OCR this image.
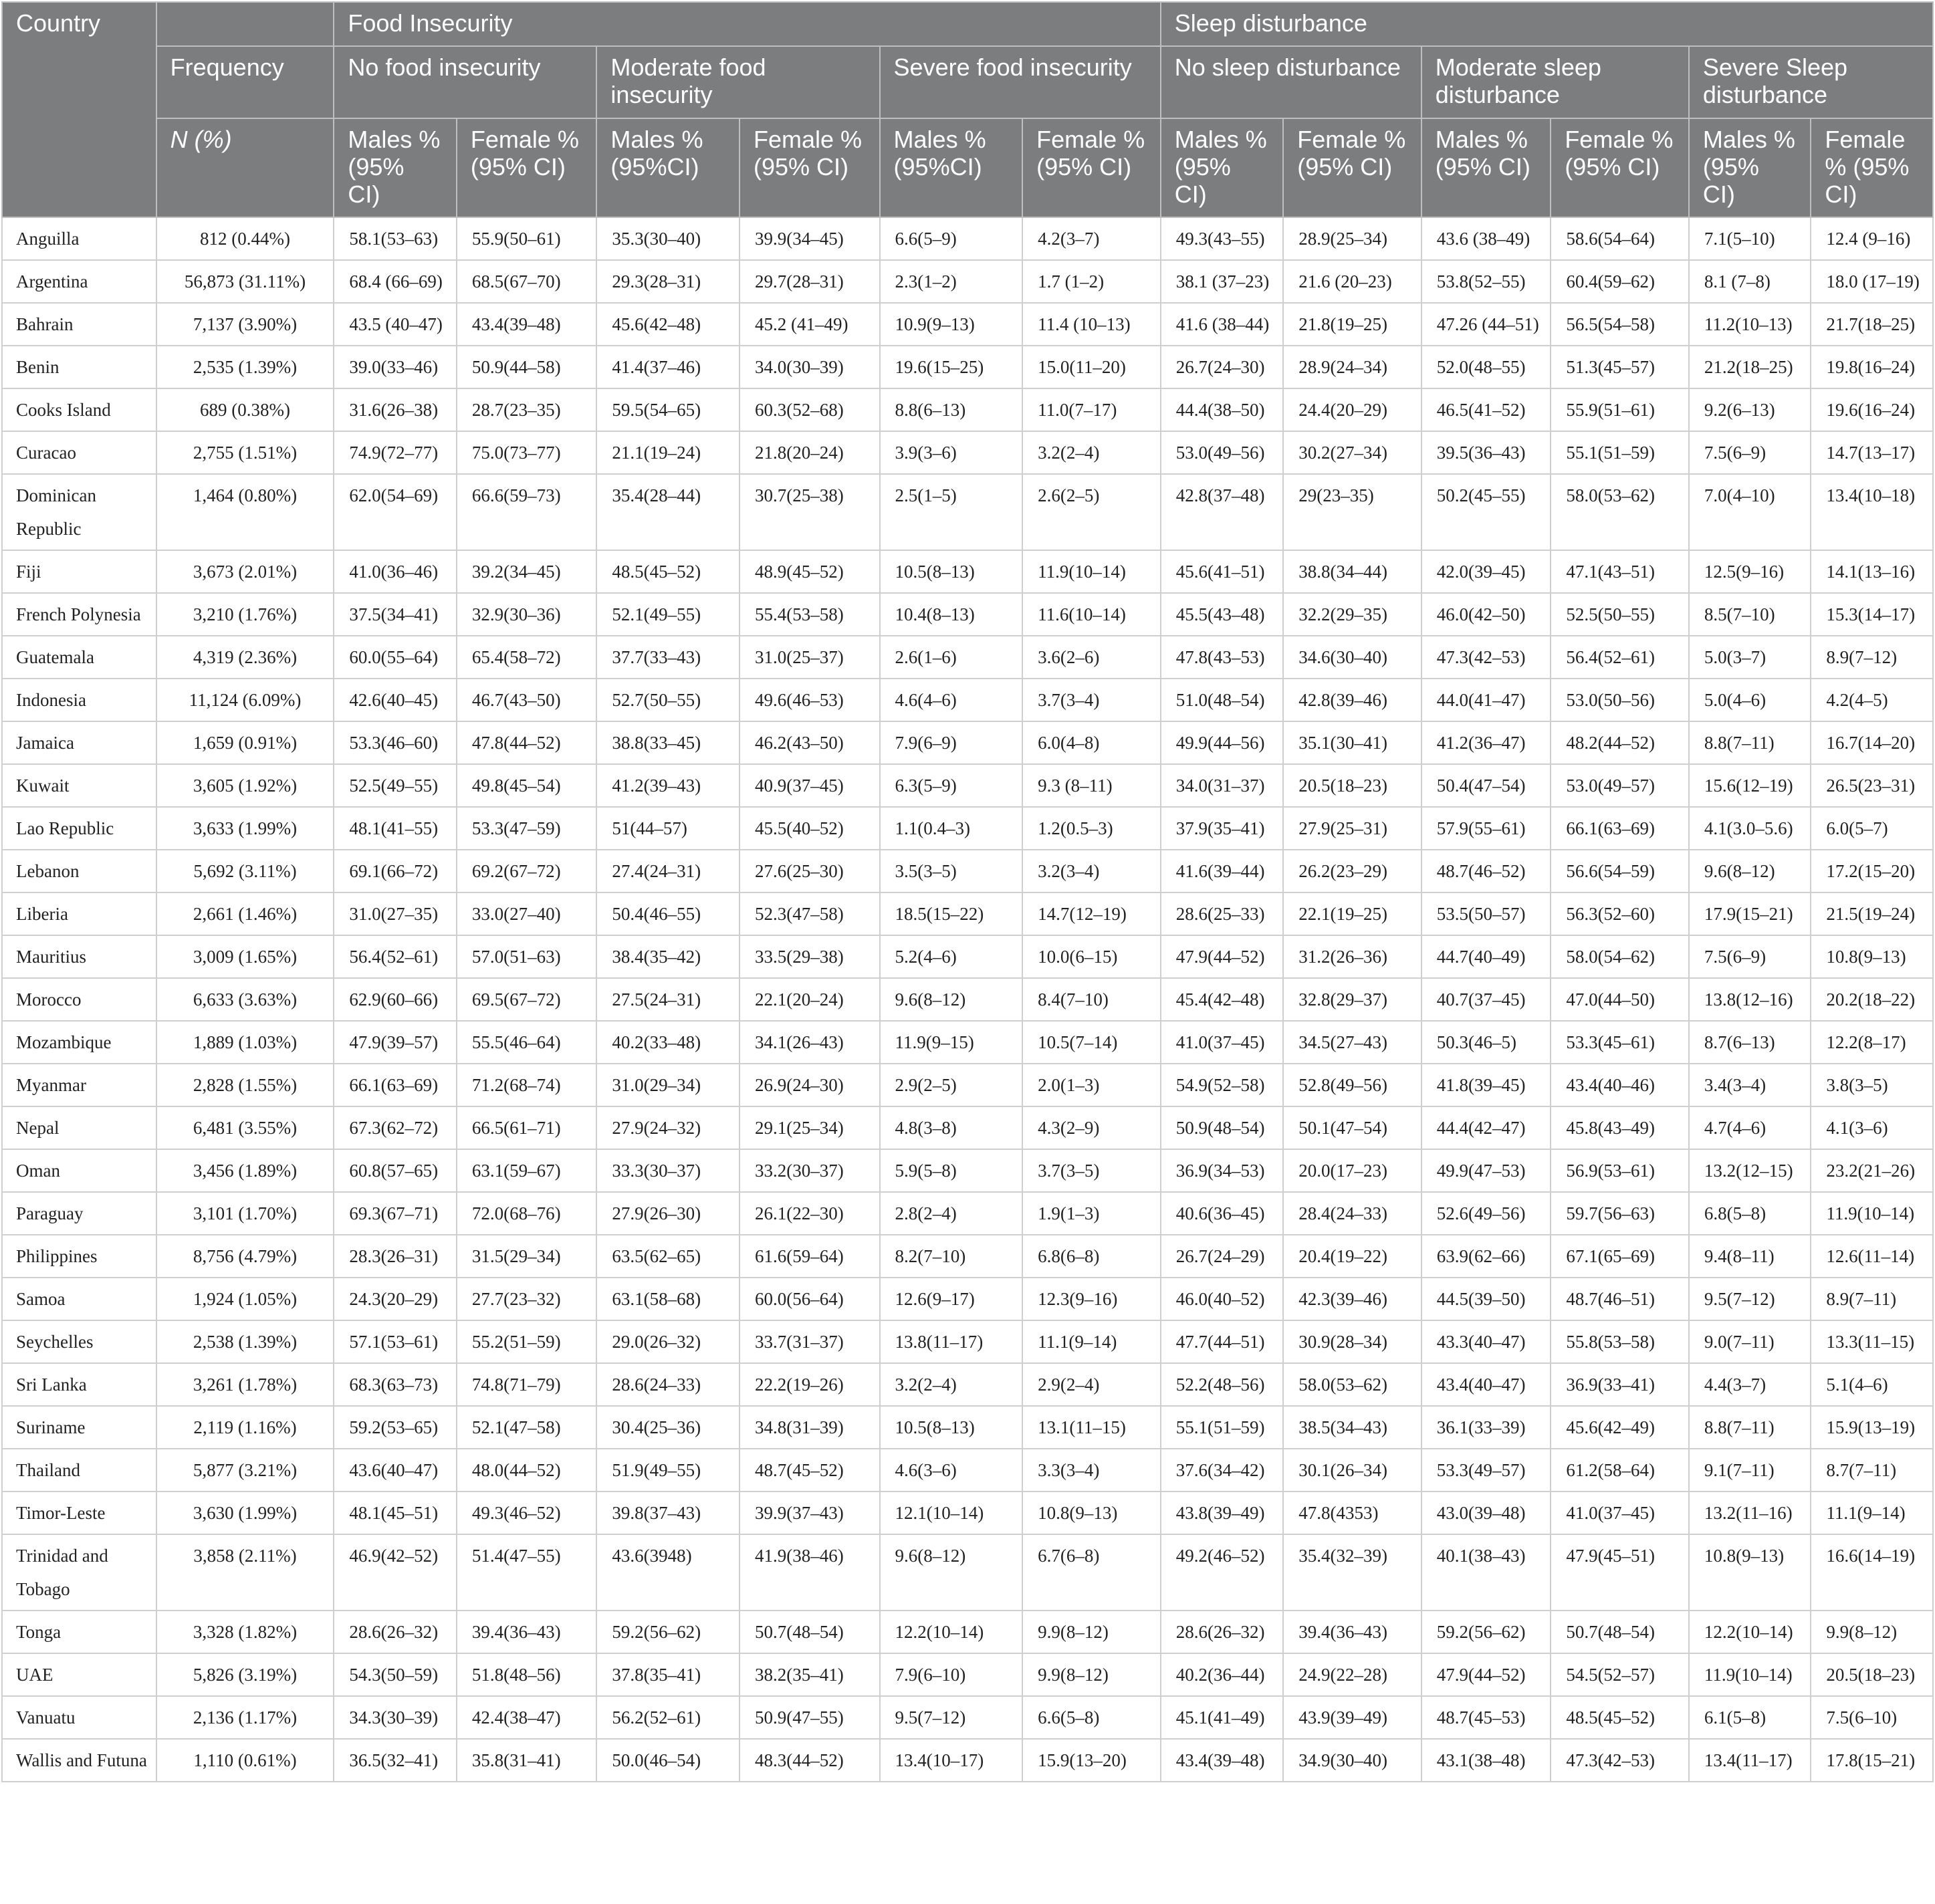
Country		Food Insecurity						Sleep disturbance					
	Frequency	No food insecurity		Moderate food insecurity		Severe food insecurity		No sleep disturbance		Moderate sleep disturbance		Severe Sleep disturbance	
	N (%)	Males % (95% CI)	Female % (95% CI)	Males % (95%CI)	Female % (95% CI)	Males % (95%CI)	Female % (95% CI)	Males % (95% CI)	Female % (95% CI)	Males % (95% CI)	Female % (95% CI)	Males % (95% CI)	Female % (95% CI)
Anguilla	812 (0.44%)	58.1(53–63)	55.9(50–61)	35.3(30–40)	39.9(34–45)	6.6(5–9)	4.2(3–7)	49.3(43–55)	28.9(25–34)	43.6 (38–49)	58.6(54–64)	7.1(5–10)	12.4 (9–16)
Argentina	56,873 (31.11%)	68.4 (66–69)	68.5(67–70)	29.3(28–31)	29.7(28–31)	2.3(1–2)	1.7 (1–2)	38.1 (37–23)	21.6 (20–23)	53.8(52–55)	60.4(59–62)	8.1 (7–8)	18.0 (17–19)
Bahrain	7,137 (3.90%)	43.5 (40–47)	43.4(39–48)	45.6(42–48)	45.2 (41–49)	10.9(9–13)	11.4 (10–13)	41.6 (38–44)	21.8(19–25)	47.26 (44–51)	56.5(54–58)	11.2(10–13)	21.7(18–25)
Benin	2,535 (1.39%)	39.0(33–46)	50.9(44–58)	41.4(37–46)	34.0(30–39)	19.6(15–25)	15.0(11–20)	26.7(24–30)	28.9(24–34)	52.0(48–55)	51.3(45–57)	21.2(18–25)	19.8(16–24)
Cooks Island	689 (0.38%)	31.6(26–38)	28.7(23–35)	59.5(54–65)	60.3(52–68)	8.8(6–13)	11.0(7–17)	44.4(38–50)	24.4(20–29)	46.5(41–52)	55.9(51–61)	9.2(6–13)	19.6(16–24)
Curacao	2,755 (1.51%)	74.9(72–77)	75.0(73–77)	21.1(19–24)	21.8(20–24)	3.9(3–6)	3.2(2–4)	53.0(49–56)	30.2(27–34)	39.5(36–43)	55.1(51–59)	7.5(6–9)	14.7(13–17)
Dominican Republic	1,464 (0.80%)	62.0(54–69)	66.6(59–73)	35.4(28–44)	30.7(25–38)	2.5(1–5)	2.6(2–5)	42.8(37–48)	29(23–35)	50.2(45–55)	58.0(53–62)	7.0(4–10)	13.4(10–18)
Fiji	3,673 (2.01%)	41.0(36–46)	39.2(34–45)	48.5(45–52)	48.9(45–52)	10.5(8–13)	11.9(10–14)	45.6(41–51)	38.8(34–44)	42.0(39–45)	47.1(43–51)	12.5(9–16)	14.1(13–16)
French Polynesia	3,210 (1.76%)	37.5(34–41)	32.9(30–36)	52.1(49–55)	55.4(53–58)	10.4(8–13)	11.6(10–14)	45.5(43–48)	32.2(29–35)	46.0(42–50)	52.5(50–55)	8.5(7–10)	15.3(14–17)
Guatemala	4,319 (2.36%)	60.0(55–64)	65.4(58–72)	37.7(33–43)	31.0(25–37)	2.6(1–6)	3.6(2–6)	47.8(43–53)	34.6(30–40)	47.3(42–53)	56.4(52–61)	5.0(3–7)	8.9(7–12)
Indonesia	11,124 (6.09%)	42.6(40–45)	46.7(43–50)	52.7(50–55)	49.6(46–53)	4.6(4–6)	3.7(3–4)	51.0(48–54)	42.8(39–46)	44.0(41–47)	53.0(50–56)	5.0(4–6)	4.2(4–5)
Jamaica	1,659 (0.91%)	53.3(46–60)	47.8(44–52)	38.8(33–45)	46.2(43–50)	7.9(6–9)	6.0(4–8)	49.9(44–56)	35.1(30–41)	41.2(36–47)	48.2(44–52)	8.8(7–11)	16.7(14–20)
Kuwait	3,605 (1.92%)	52.5(49–55)	49.8(45–54)	41.2(39–43)	40.9(37–45)	6.3(5–9)	9.3 (8–11)	34.0(31–37)	20.5(18–23)	50.4(47–54)	53.0(49–57)	15.6(12–19)	26.5(23–31)
Lao Republic	3,633 (1.99%)	48.1(41–55)	53.3(47–59)	51(44–57)	45.5(40–52)	1.1(0.4–3)	1.2(0.5–3)	37.9(35–41)	27.9(25–31)	57.9(55–61)	66.1(63–69)	4.1(3.0–5.6)	6.0(5–7)
Lebanon	5,692 (3.11%)	69.1(66–72)	69.2(67–72)	27.4(24–31)	27.6(25–30)	3.5(3–5)	3.2(3–4)	41.6(39–44)	26.2(23–29)	48.7(46–52)	56.6(54–59)	9.6(8–12)	17.2(15–20)
Liberia	2,661 (1.46%)	31.0(27–35)	33.0(27–40)	50.4(46–55)	52.3(47–58)	18.5(15–22)	14.7(12–19)	28.6(25–33)	22.1(19–25)	53.5(50–57)	56.3(52–60)	17.9(15–21)	21.5(19–24)
Mauritius	3,009 (1.65%)	56.4(52–61)	57.0(51–63)	38.4(35–42)	33.5(29–38)	5.2(4–6)	10.0(6–15)	47.9(44–52)	31.2(26–36)	44.7(40–49)	58.0(54–62)	7.5(6–9)	10.8(9–13)
Morocco	6,633 (3.63%)	62.9(60–66)	69.5(67–72)	27.5(24–31)	22.1(20–24)	9.6(8–12)	8.4(7–10)	45.4(42–48)	32.8(29–37)	40.7(37–45)	47.0(44–50)	13.8(12–16)	20.2(18–22)
Mozambique	1,889 (1.03%)	47.9(39–57)	55.5(46–64)	40.2(33–48)	34.1(26–43)	11.9(9–15)	10.5(7–14)	41.0(37–45)	34.5(27–43)	50.3(46–5)	53.3(45–61)	8.7(6–13)	12.2(8–17)
Myanmar	2,828 (1.55%)	66.1(63–69)	71.2(68–74)	31.0(29–34)	26.9(24–30)	2.9(2–5)	2.0(1–3)	54.9(52–58)	52.8(49–56)	41.8(39–45)	43.4(40–46)	3.4(3–4)	3.8(3–5)
Nepal	6,481 (3.55%)	67.3(62–72)	66.5(61–71)	27.9(24–32)	29.1(25–34)	4.8(3–8)	4.3(2–9)	50.9(48–54)	50.1(47–54)	44.4(42–47)	45.8(43–49)	4.7(4–6)	4.1(3–6)
Oman	3,456 (1.89%)	60.8(57–65)	63.1(59–67)	33.3(30–37)	33.2(30–37)	5.9(5–8)	3.7(3–5)	36.9(34–53)	20.0(17–23)	49.9(47–53)	56.9(53–61)	13.2(12–15)	23.2(21–26)
Paraguay	3,101 (1.70%)	69.3(67–71)	72.0(68–76)	27.9(26–30)	26.1(22–30)	2.8(2–4)	1.9(1–3)	40.6(36–45)	28.4(24–33)	52.6(49–56)	59.7(56–63)	6.8(5–8)	11.9(10–14)
Philippines	8,756 (4.79%)	28.3(26–31)	31.5(29–34)	63.5(62–65)	61.6(59–64)	8.2(7–10)	6.8(6–8)	26.7(24–29)	20.4(19–22)	63.9(62–66)	67.1(65–69)	9.4(8–11)	12.6(11–14)
Samoa	1,924 (1.05%)	24.3(20–29)	27.7(23–32)	63.1(58–68)	60.0(56–64)	12.6(9–17)	12.3(9–16)	46.0(40–52)	42.3(39–46)	44.5(39–50)	48.7(46–51)	9.5(7–12)	8.9(7–11)
Seychelles	2,538 (1.39%)	57.1(53–61)	55.2(51–59)	29.0(26–32)	33.7(31–37)	13.8(11–17)	11.1(9–14)	47.7(44–51)	30.9(28–34)	43.3(40–47)	55.8(53–58)	9.0(7–11)	13.3(11–15)
Sri Lanka	3,261 (1.78%)	68.3(63–73)	74.8(71–79)	28.6(24–33)	22.2(19–26)	3.2(2–4)	2.9(2–4)	52.2(48–56)	58.0(53–62)	43.4(40–47)	36.9(33–41)	4.4(3–7)	5.1(4–6)
Suriname	2,119 (1.16%)	59.2(53–65)	52.1(47–58)	30.4(25–36)	34.8(31–39)	10.5(8–13)	13.1(11–15)	55.1(51–59)	38.5(34–43)	36.1(33–39)	45.6(42–49)	8.8(7–11)	15.9(13–19)
Thailand	5,877 (3.21%)	43.6(40–47)	48.0(44–52)	51.9(49–55)	48.7(45–52)	4.6(3–6)	3.3(3–4)	37.6(34–42)	30.1(26–34)	53.3(49–57)	61.2(58–64)	9.1(7–11)	8.7(7–11)
Timor-Leste	3,630 (1.99%)	48.1(45–51)	49.3(46–52)	39.8(37–43)	39.9(37–43)	12.1(10–14)	10.8(9–13)	43.8(39–49)	47.8(4353)	43.0(39–48)	41.0(37–45)	13.2(11–16)	11.1(9–14)
Trinidad and Tobago	3,858 (2.11%)	46.9(42–52)	51.4(47–55)	43.6(3948)	41.9(38–46)	9.6(8–12)	6.7(6–8)	49.2(46–52)	35.4(32–39)	40.1(38–43)	47.9(45–51)	10.8(9–13)	16.6(14–19)
Tonga	3,328 (1.82%)	28.6(26–32)	39.4(36–43)	59.2(56–62)	50.7(48–54)	12.2(10–14)	9.9(8–12)	28.6(26–32)	39.4(36–43)	59.2(56–62)	50.7(48–54)	12.2(10–14)	9.9(8–12)
UAE	5,826 (3.19%)	54.3(50–59)	51.8(48–56)	37.8(35–41)	38.2(35–41)	7.9(6–10)	9.9(8–12)	40.2(36–44)	24.9(22–28)	47.9(44–52)	54.5(52–57)	11.9(10–14)	20.5(18–23)
Vanuatu	2,136 (1.17%)	34.3(30–39)	42.4(38–47)	56.2(52–61)	50.9(47–55)	9.5(7–12)	6.6(5–8)	45.1(41–49)	43.9(39–49)	48.7(45–53)	48.5(45–52)	6.1(5–8)	7.5(6–10)
Wallis and Futuna	1,110 (0.61%)	36.5(32–41)	35.8(31–41)	50.0(46–54)	48.3(44–52)	13.4(10–17)	15.9(13–20)	43.4(39–48)	34.9(30–40)	43.1(38–48)	47.3(42–53)	13.4(11–17)	17.8(15–21)
